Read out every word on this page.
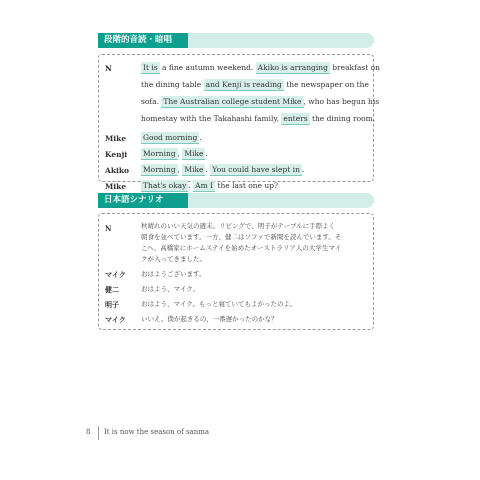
段階的音読・暗唱
N	It is a fine autumn weekend. Akiko is arranging breakfast on
the dining table and Kenji is reading the newspaper on the
sofa. The Australian college student Mike , who has begun his
homestay with the Takahashi family, enters the dining room.
Mike Good morning .
Kenji Morning , Mike .
Akiko Morning , Mike . You could have slept in .
Mike That's okay . Am I the last one up?
日本語シナリオ
N	秋晴れのいい天気の週末。リビングで、明子がテーブルに手際よく
朝食を並べています。一方、健二はソファで新聞を読んでいます。そ
こへ、高橋家にホームステイを始めたオーストラリア人の大学生マイ
クが入ってきました。
マイク おはようございます。
健二	おはよう、マイク。
明子	おはよう、マイク。もっと寝ていてもよかったのよ。
マイク いいえ。僕が起きるの、一番遅かったのかな？
8 It is now the season of sanma
